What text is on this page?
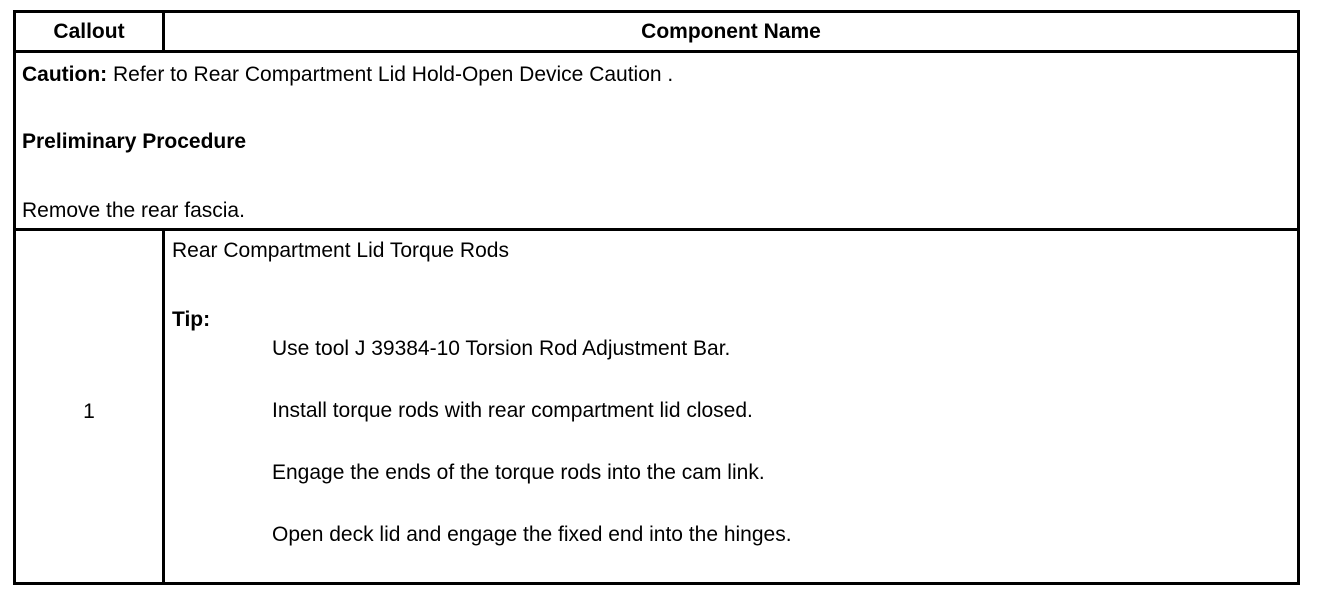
Callout	Component Name
Caution: Refer to Rear Compartment Lid Hold-Open Device Caution .
Preliminary Procedure
Remove the rear fascia.
1
Rear Compartment Lid Torque Rods
Tip:
Use tool J 39384-10 Torsion Rod Adjustment Bar.
Install torque rods with rear compartment lid closed.
Engage the ends of the torque rods into the cam link.
Open deck lid and engage the fixed end into the hinges.
